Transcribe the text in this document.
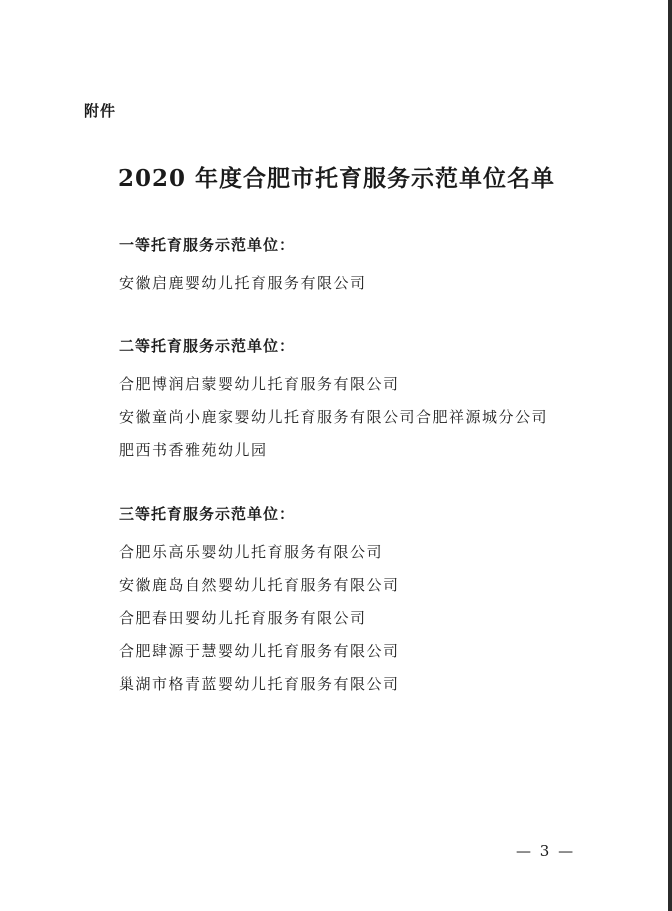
附件
2020 年度合肥市托育服务示范单位名单
一等托育服务示范单位：
安徽启鹿婴幼儿托育服务有限公司
二等托育服务示范单位：
合肥博润启蒙婴幼儿托育服务有限公司
安徽童尚小鹿家婴幼儿托育服务有限公司合肥祥源城分公司
肥西书香雅苑幼儿园
三等托育服务示范单位：
合肥乐高乐婴幼儿托育服务有限公司
安徽鹿岛自然婴幼儿托育服务有限公司
合肥春田婴幼儿托育服务有限公司
合肥肆源于慧婴幼儿托育服务有限公司
巢湖市格青蓝婴幼儿托育服务有限公司
— 3 —
